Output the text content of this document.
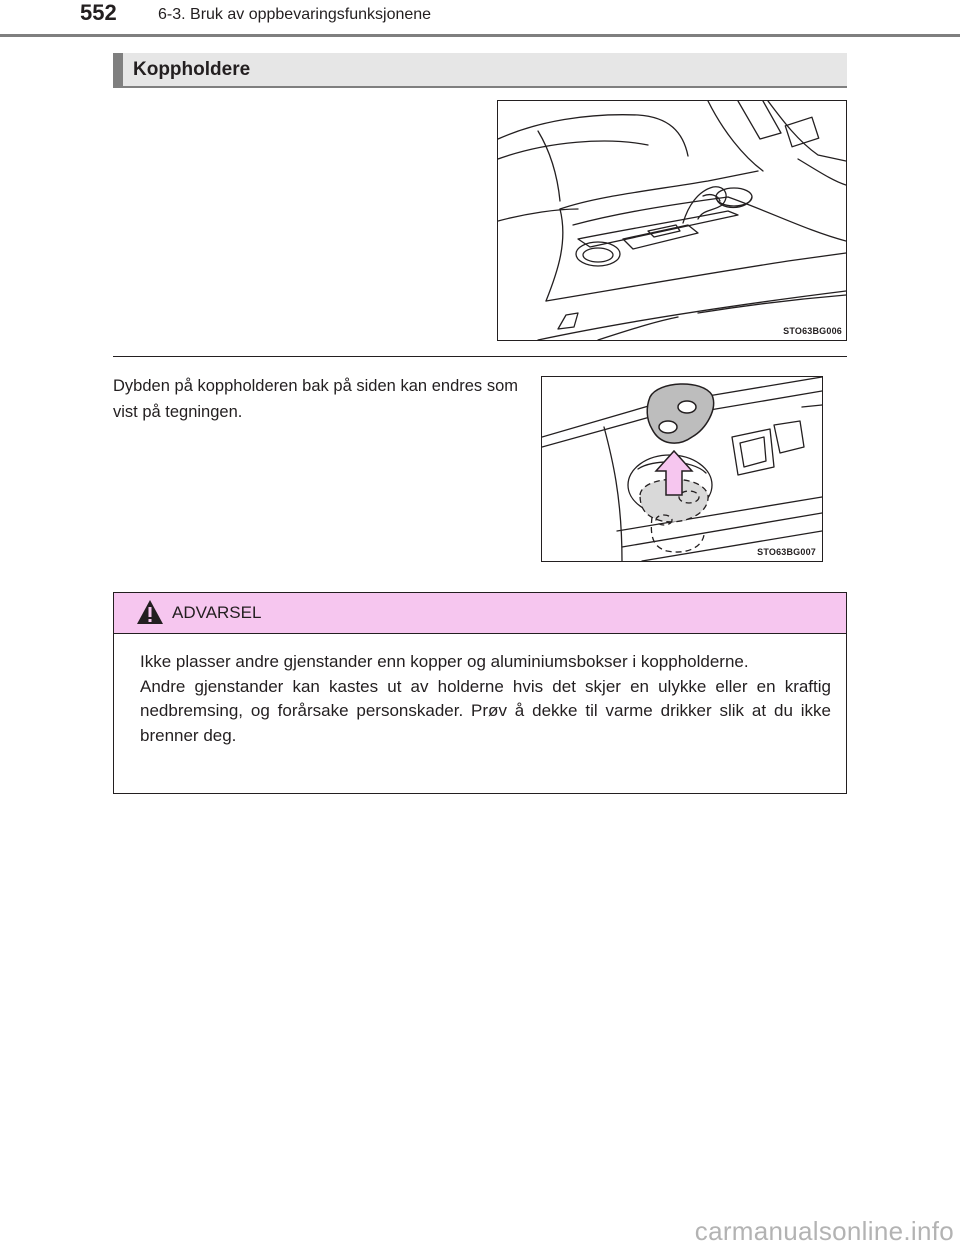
552	6-3. Bruk av oppbevaringsfunksjonene
Koppholdere
STO63BG006
Dybden på koppholderen bak på siden kan endres som vist på tegningen.
STO63BG007
ADVARSEL

Ikke plasser andre gjenstander enn kopper og aluminiumsbokser i koppholderne.

Andre gjenstander kan kastes ut av holderne hvis det skjer en ulykke eller en kraftig nedbremsing, og forårsake personskader. Prøv å dekke til varme drikker slik at du ikke brenner deg.

carmanualsonline.info
